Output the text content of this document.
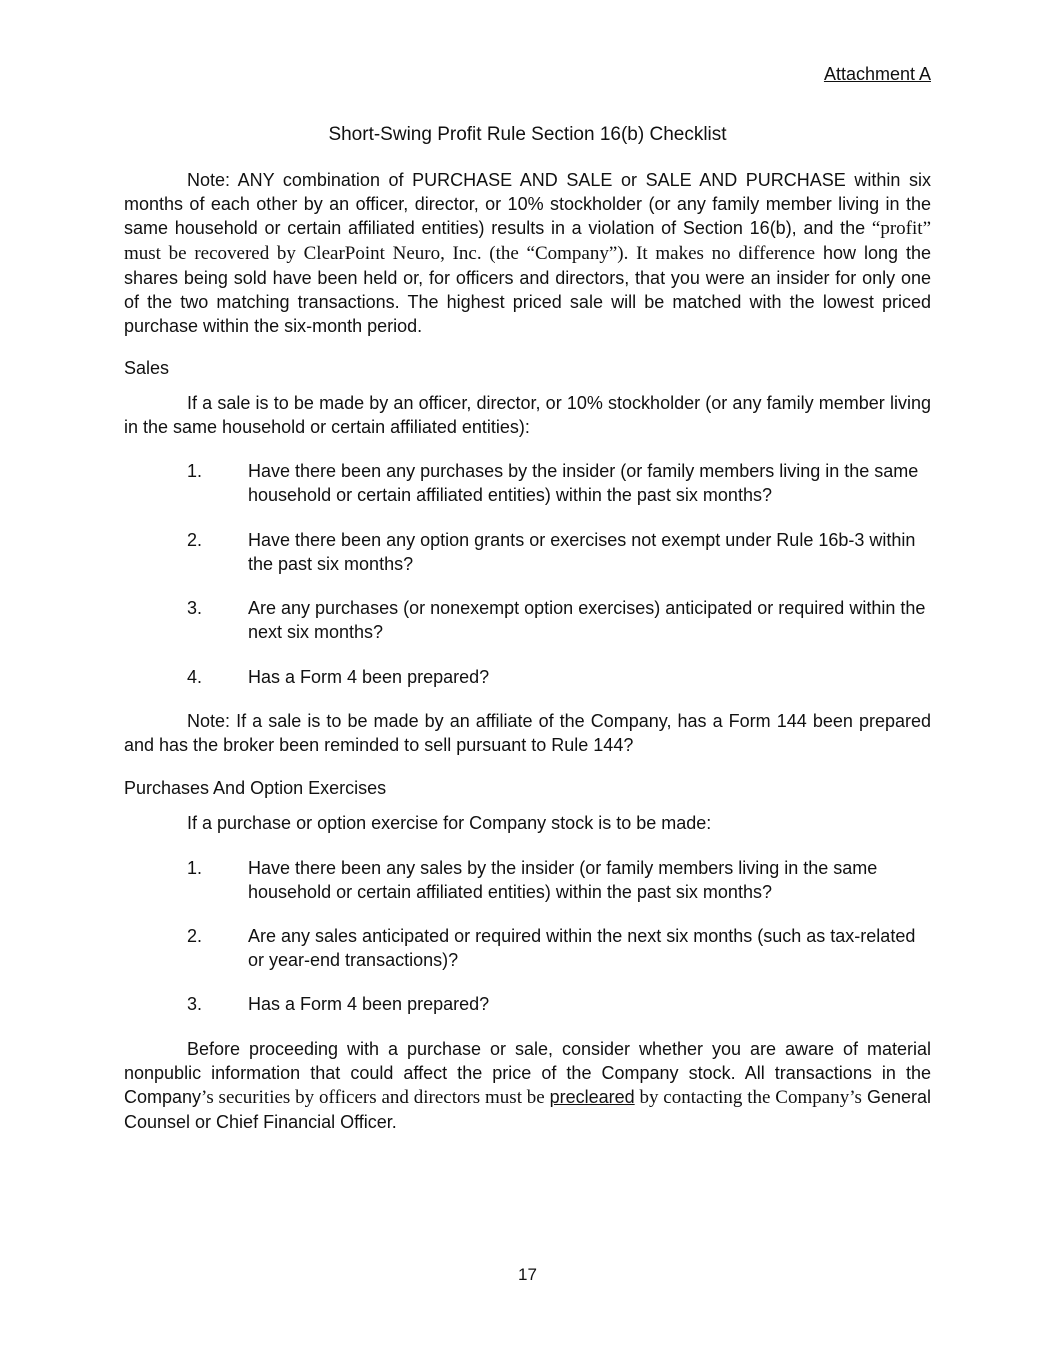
Attachment A
Short-Swing Profit Rule Section 16(b) Checklist
Note: ANY combination of PURCHASE AND SALE or SALE AND PURCHASE within six months of each other by an officer, director, or 10% stockholder (or any family member living in the same household or certain affiliated entities) results in a violation of Section 16(b), and the “profit” must be recovered by ClearPoint Neuro, Inc. (the “Company”). It makes no difference how long the shares being sold have been held or, for officers and directors, that you were an insider for only one of the two matching transactions. The highest priced sale will be matched with the lowest priced purchase within the six-month period.
Sales
If a sale is to be made by an officer, director, or 10% stockholder (or any family member living in the same household or certain affiliated entities):
1.	Have there been any purchases by the insider (or family members living in the same household or certain affiliated entities) within the past six months?
2.	Have there been any option grants or exercises not exempt under Rule 16b-3 within the past six months?
3.	Are any purchases (or nonexempt option exercises) anticipated or required within the next six months?
4.	Has a Form 4 been prepared?
Note: If a sale is to be made by an affiliate of the Company, has a Form 144 been prepared and has the broker been reminded to sell pursuant to Rule 144?
Purchases And Option Exercises
If a purchase or option exercise for Company stock is to be made:
1.	Have there been any sales by the insider (or family members living in the same household or certain affiliated entities) within the past six months?
2.	Are any sales anticipated or required within the next six months (such as tax-related or year-end transactions)?
3.	Has a Form 4 been prepared?
Before proceeding with a purchase or sale, consider whether you are aware of material nonpublic information that could affect the price of the Company stock. All transactions in the Company’s securities by officers and directors must be precleared by contacting the Company’s General Counsel or Chief Financial Officer.
17
